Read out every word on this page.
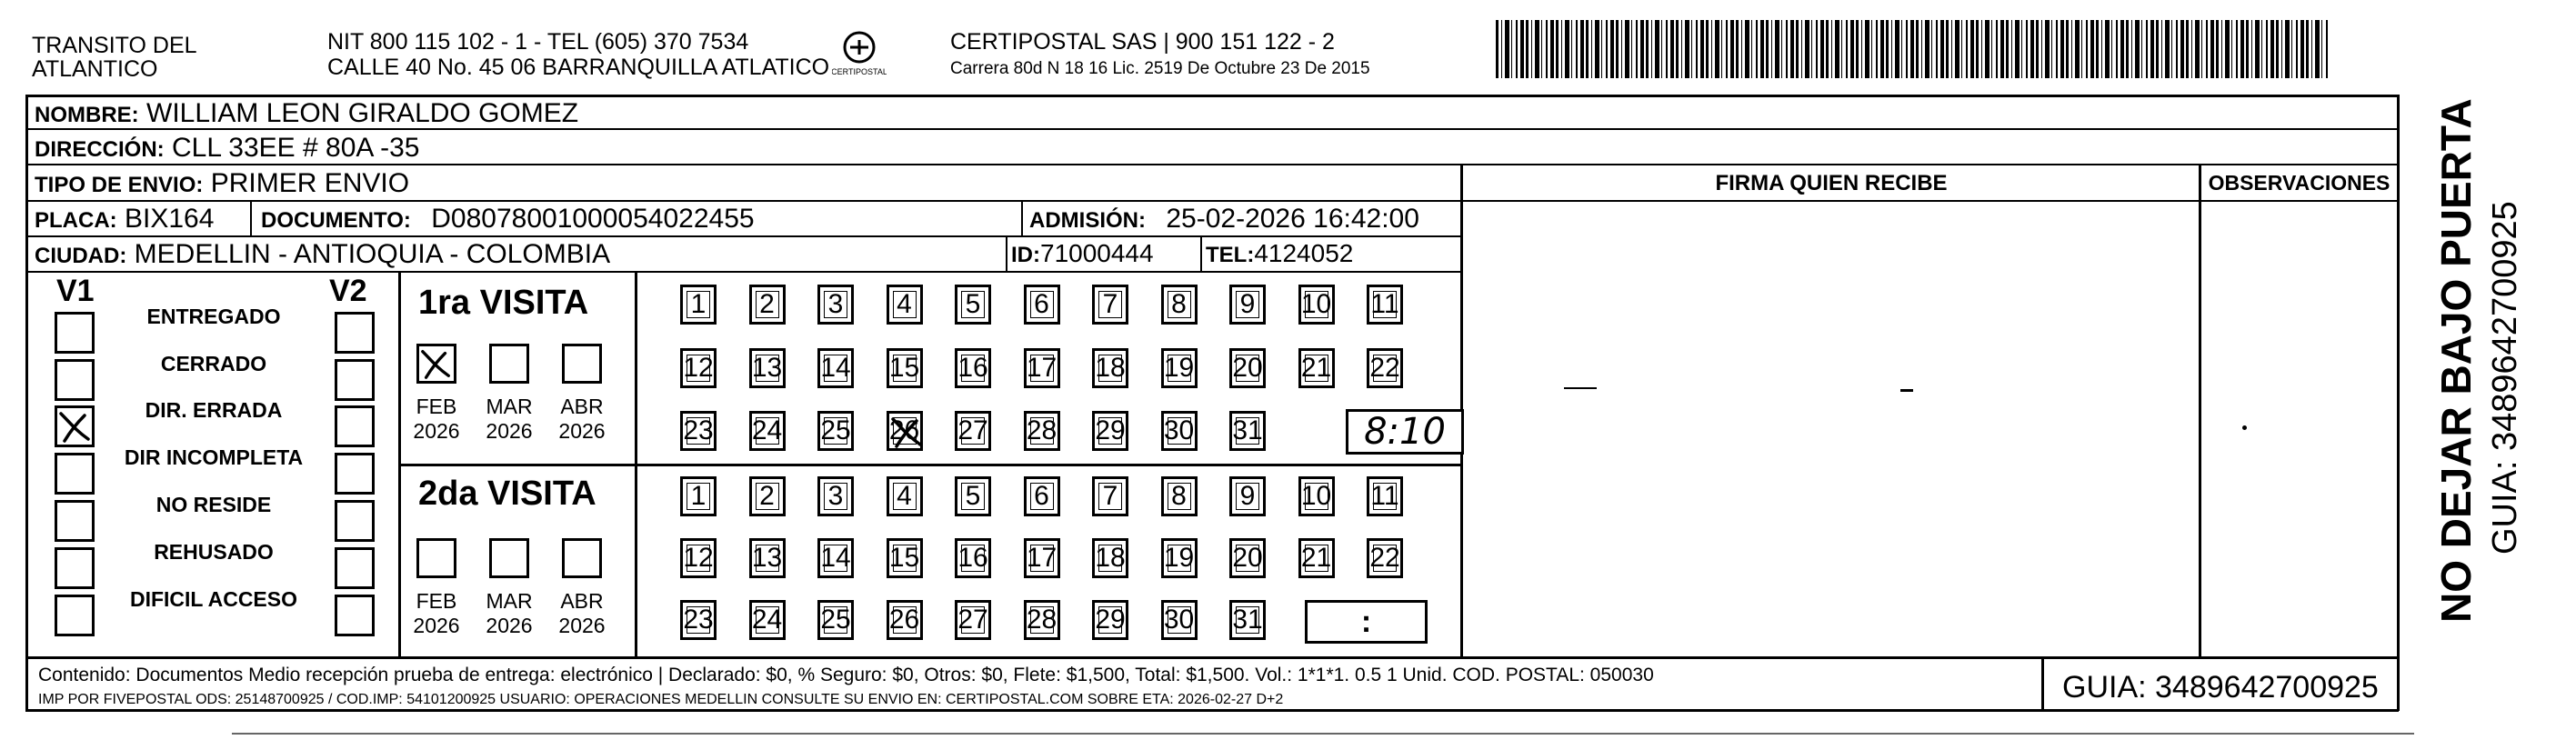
TRANSITO DEL
ATLANTICO
NIT 800 115 102 - 1 - TEL (605) 370 7534
CALLE 40 No. 45 06 BARRANQUILLA ATLATICO CERTIPOSTAL
CERTIPOSTAL SAS | 900 151 122 - 2
Carrera 80d N 18 16 Lic. 2519 De Octubre 23 De 2015
NOMBRE: WILLIAM LEON GIRALDO GOMEZ
DIRECCIÓN: CLL 33EE # 80A -35
TIPO DE ENVIO: PRIMER ENVIO
PLACA: BIX164 DOCUMENTO: D08078001000054022455	ADMISIÓN: 25-02-2026 16:42:00
CIUDAD: MEDELLIN - ANTIOQUIA - COLOMBIA	ID:71000444 TEL:4124052
FIRMA QUIEN RECIBE	OBSERVACIONES
V1	V2
ENTREGADO
CERRADO
DIR. ERRADA
DIR INCOMPLETA
NO RESIDE
REHUSADO
DIFICIL ACCESO
1ra VISITA
FEB
2026
MAR
2026
ABR
2026
1 2 3 4 5 6 7 8 9 10 11
12 13 14 15 16 17 18 19 20 21 22
23 24 25 26 27 28 29 30 31	8:10
2da VISITA
FEB
2026
MAR
2026
ABR
2026
1 2 3 4 5 6 7 8 9 10 11
12 13 14 15 16 17 18 19 20 21 22
23 24 25 26 27 28 29 30 31	:
Contenido: Documentos Medio recepción prueba de entrega: electrónico | Declarado: $0, % Seguro: $0, Otros: $0, Flete: $1,500, Total: $1,500. Vol.: 1*1*1. 0.5 1 Unid. COD. POSTAL: 050030
IMP POR FIVEPOSTAL ODS: 25148700925 / COD.IMP: 54101200925 USUARIO: OPERACIONES MEDELLIN CONSULTE SU ENVIO EN: CERTIPOSTAL.COM SOBRE ETA: 2026-02-27 D+2	GUIA: 3489642700925
NO DEJAR BAJO PUERTA GUIA: 3489642700925
